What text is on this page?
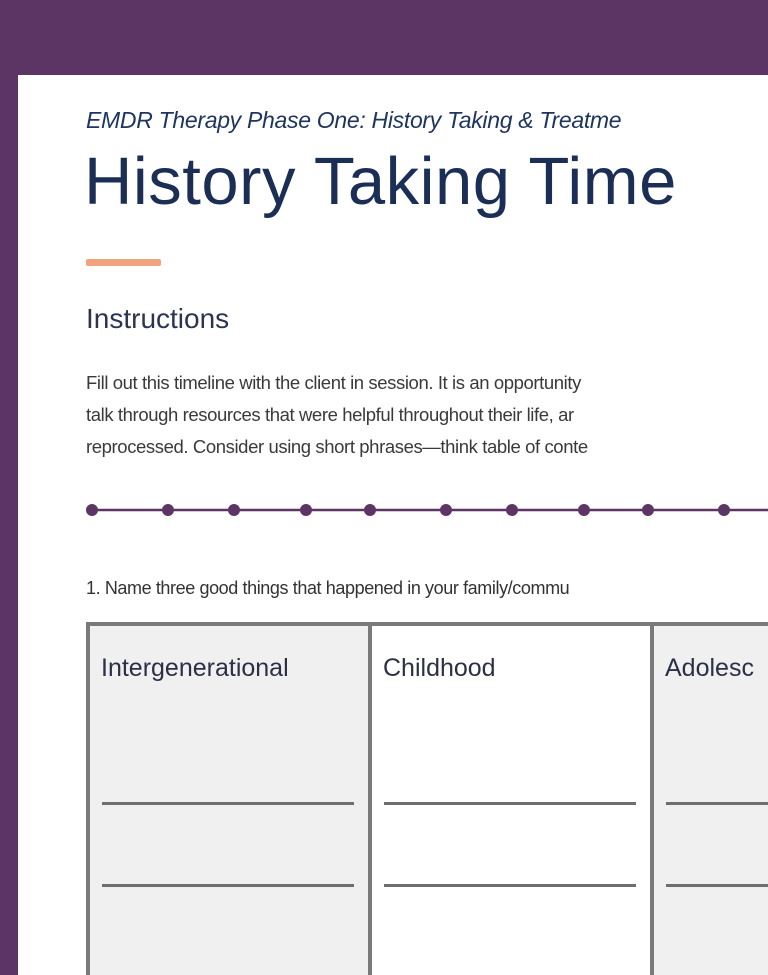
EMDR Therapy Phase One: History Taking & Treatme
History Taking Time
Instructions
Fill out this timeline with the client in session. It is an opportunity
talk through resources that were helpful throughout their life, ar
reprocessed. Consider using short phrases—think table of conte
1. Name three good things that happened in your family/commu
Intergenerational	Childhood	Adolesc
